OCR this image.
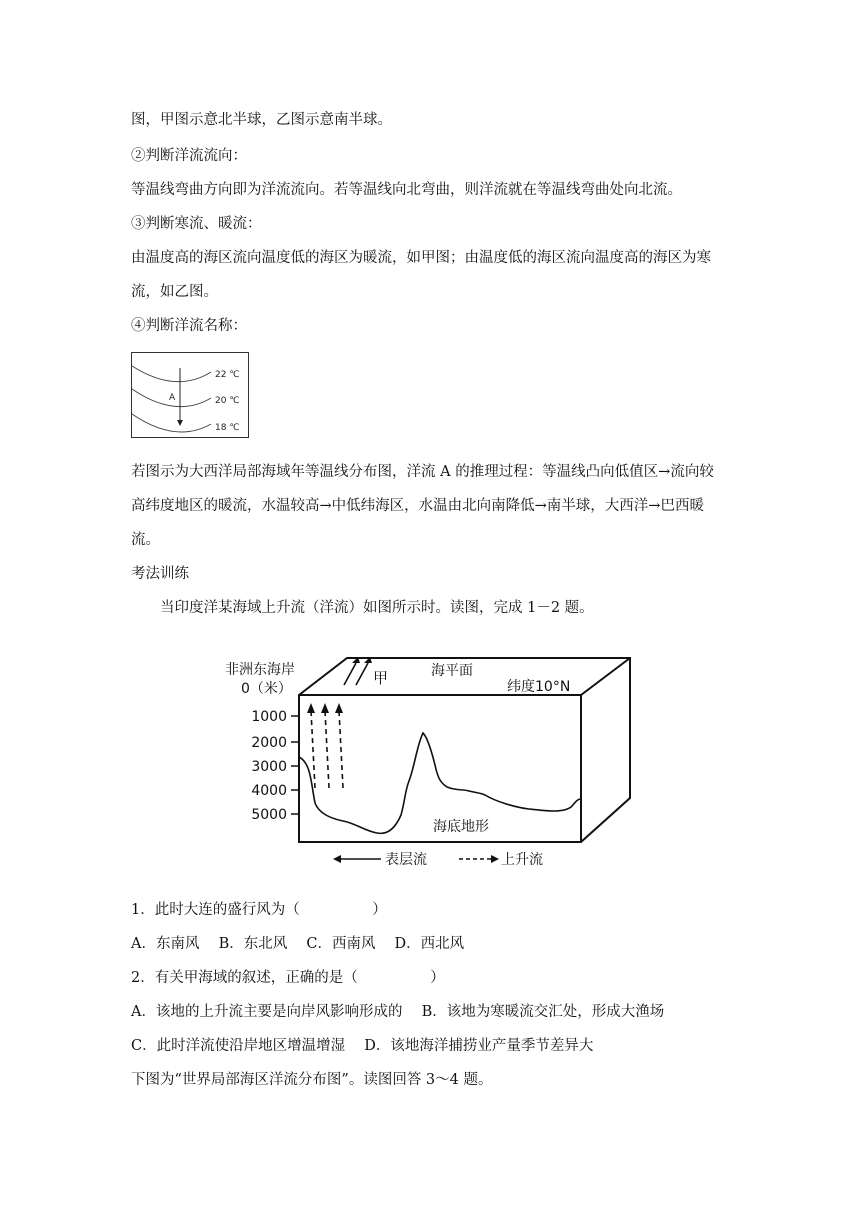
图，甲图示意北半球，乙图示意南半球。
②判断洋流流向：
等温线弯曲方向即为洋流流向。若等温线向北弯曲，则洋流就在等温线弯曲处向北流。
③判断寒流、暖流：
由温度高的海区流向温度低的海区为暖流，如甲图；由温度低的海区流向温度高的海区为寒
流，如乙图。
④判断洋流名称：
A
22 ℃
20 ℃
18 ℃
若图示为大西洋局部海域年等温线分布图，洋流 A 的推理过程：等温线凸向低值区→流向较
高纬度地区的暖流，水温较高→中低纬海区，水温由北向南降低→南半球，大西洋→巴西暖
流。
考法训练
当印度洋某海域上升流（洋流）如图所示时。读图，完成 1－2 题。
非洲东海岸
0（米）
1000
2000
3000
4000
5000
甲	海平面
纬度10°N
海底地形
表层流	上升流
1．此时大连的盛行风为（　　　　　）
A．东南风　 B．东北风　 C．西南风　 D．西北风
2．有关甲海域的叙述，正确的是（　　　　　）
A．该地的上升流主要是向岸风影响形成的　 B．该地为寒暖流交汇处，形成大渔场
C．此时洋流使沿岸地区增温增湿　 D．该地海洋捕捞业产量季节差异大
下图为“世界局部海区洋流分布图”。读图回答 3～4 题。
